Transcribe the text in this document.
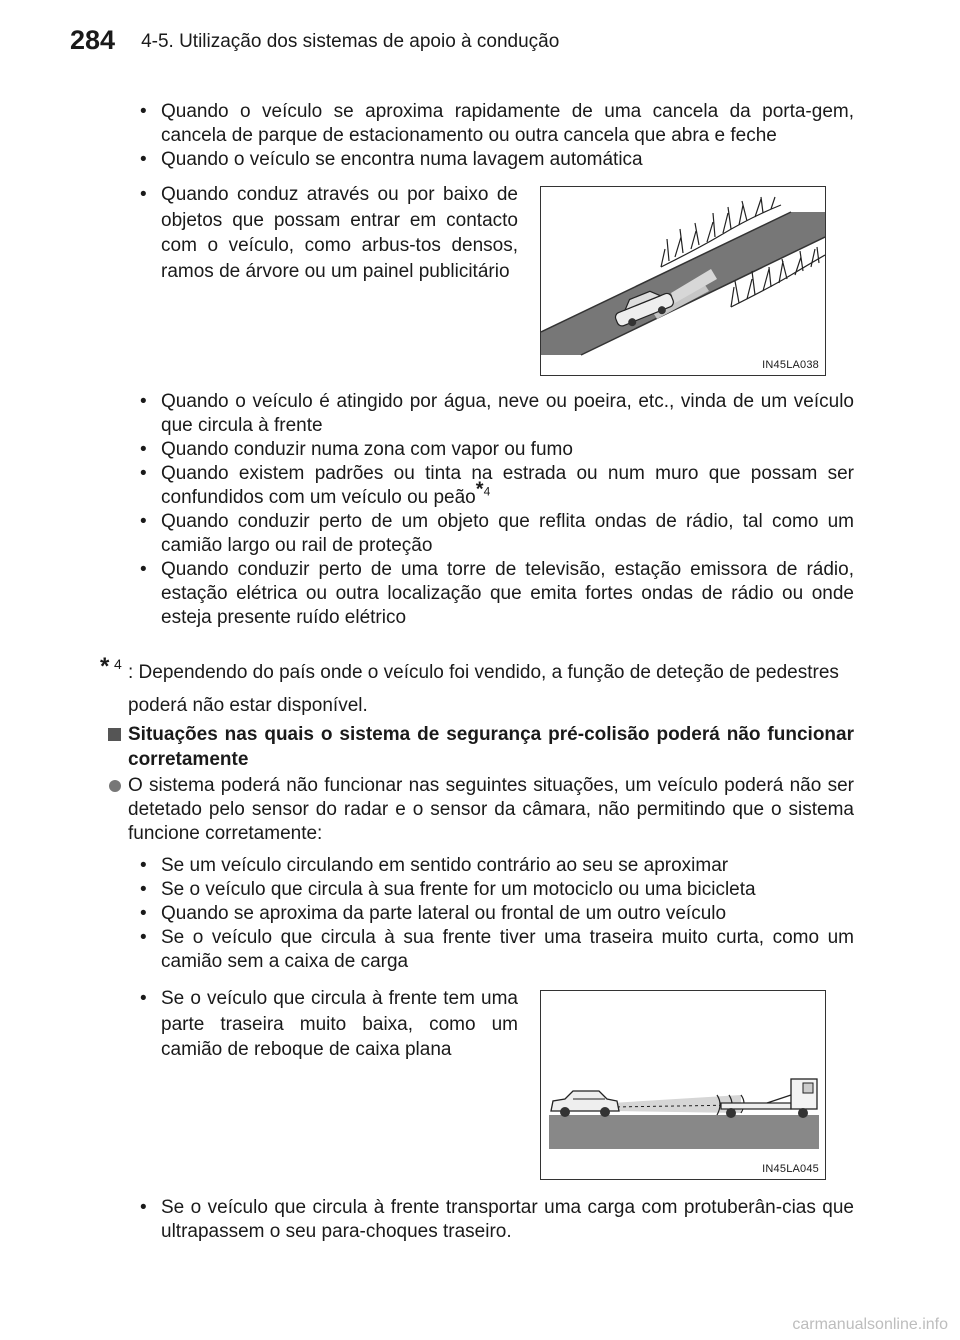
284 4-5. Utilização dos sistemas de apoio à condução
• Quando o veículo se aproxima rapidamente de uma cancela da porta-gem, cancela de parque de estacionamento ou outra cancela que abra e feche
• Quando o veículo se encontra numa lavagem automática
• Quando conduz através ou por baixo de objetos que possam entrar em contacto com o veículo, como arbus-tos densos, ramos de árvore ou um painel publicitário
IN45LA038
• Quando o veículo é atingido por água, neve ou poeira, etc., vinda de um veículo que circula à frente
• Quando conduzir numa zona com vapor ou fumo
• Quando existem padrões ou tinta na estrada ou num muro que possam ser confundidos com um veículo ou peão*$^4$
• Quando conduzir perto de um objeto que reflita ondas de rádio, tal como um camião largo ou rail de proteção
• Quando conduzir perto de uma torre de televisão, estação emissora de rádio, estação elétrica ou outra localização que emita fortes ondas de rádio ou onde esteja presente ruído elétrico
* 4 : Dependendo do país onde o veículo foi vendido, a função de deteção de pedestres poderá não estar disponível.
Situações nas quais o sistema de segurança pré-colisão poderá não funcionar corretamente
O sistema poderá não funcionar nas seguintes situações, um veículo poderá não ser detetado pelo sensor do radar e o sensor da câmara, não permitindo que o sistema funcione corretamente:
• Se um veículo circulando em sentido contrário ao seu se aproximar
• Se o veículo que circula à sua frente for um motociclo ou uma bicicleta
• Quando se aproxima da parte lateral ou frontal de um outro veículo
• Se o veículo que circula à sua frente tiver uma traseira muito curta, como um camião sem a caixa de carga
• Se o veículo que circula à frente tem uma parte traseira muito baixa, como um camião de reboque de caixa plana
IN45LA045
• Se o veículo que circula à frente transportar uma carga com protuberân-cias que ultrapassem o seu para-choques traseiro.
carmanualsonline.info
